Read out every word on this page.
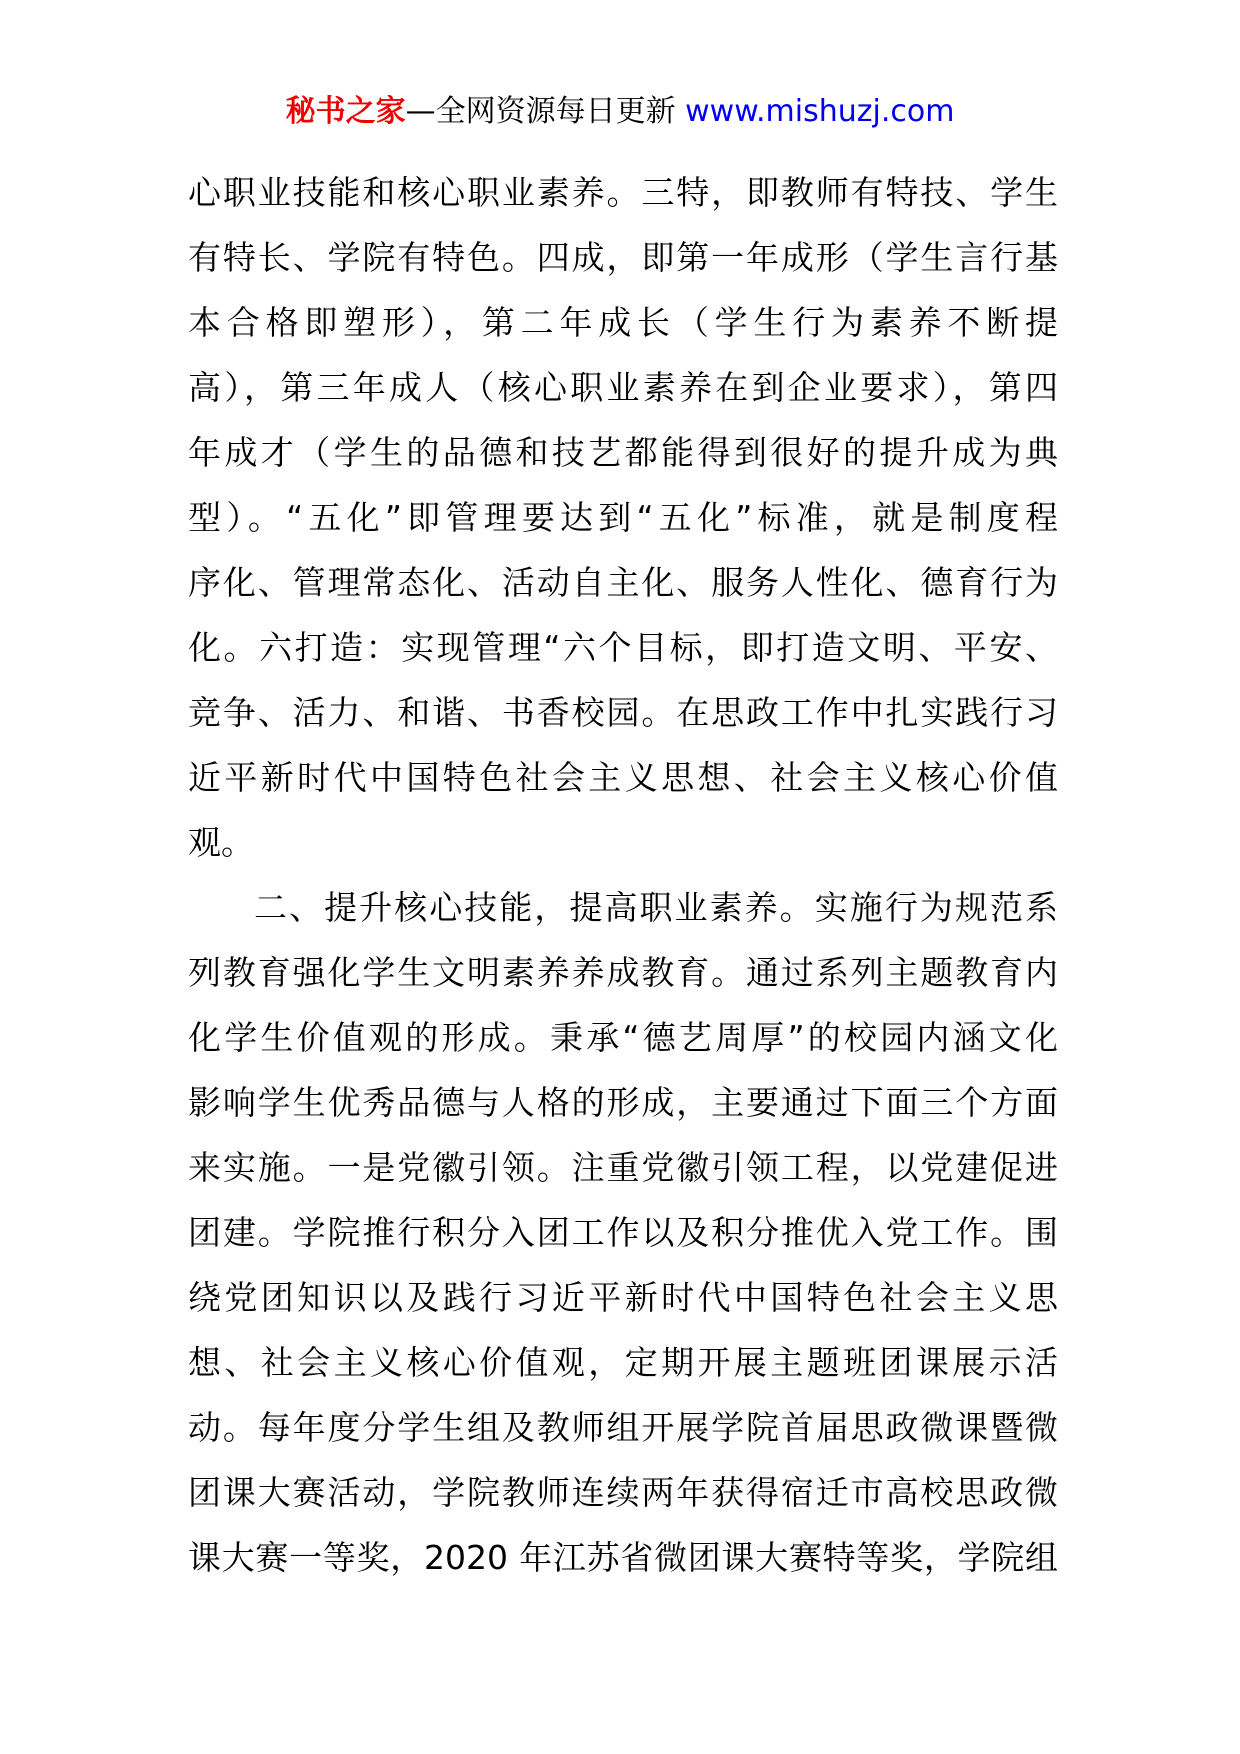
秘书之家—全网资源每日更新 www.mishuzj.com
心职业技能和核心职业素养。三特，即教师有特技、学生
有特长、学院有特色。四成，即第一年成形（学生言行基
本合格即塑形），第二年成长（学生行为素养不断提
高），第三年成人（核心职业素养在到企业要求），第四
年成才（学生的品德和技艺都能得到很好的提升成为典
型）。“五化”即管理要达到“五化”标准，就是制度程
序化、管理常态化、活动自主化、服务人性化、德育行为
化。六打造：实现管理“六个目标，即打造文明、平安、
竞争、活力、和谐、书香校园。在思政工作中扎实践行习
近平新时代中国特色社会主义思想、社会主义核心价值
观。
二、提升核心技能，提高职业素养。实施行为规范系
列教育强化学生文明素养养成教育。通过系列主题教育内
化学生价值观的形成。秉承“德艺周厚”的校园内涵文化
影响学生优秀品德与人格的形成，主要通过下面三个方面
来实施。一是党徽引领。注重党徽引领工程，以党建促进
团建。学院推行积分入团工作以及积分推优入党工作。围
绕党团知识以及践行习近平新时代中国特色社会主义思
想、社会主义核心价值观，定期开展主题班团课展示活
动。每年度分学生组及教师组开展学院首届思政微课暨微
团课大赛活动，学院教师连续两年获得宿迁市高校思政微
课大赛一等奖，2020 年江苏省微团课大赛特等奖，学院组
